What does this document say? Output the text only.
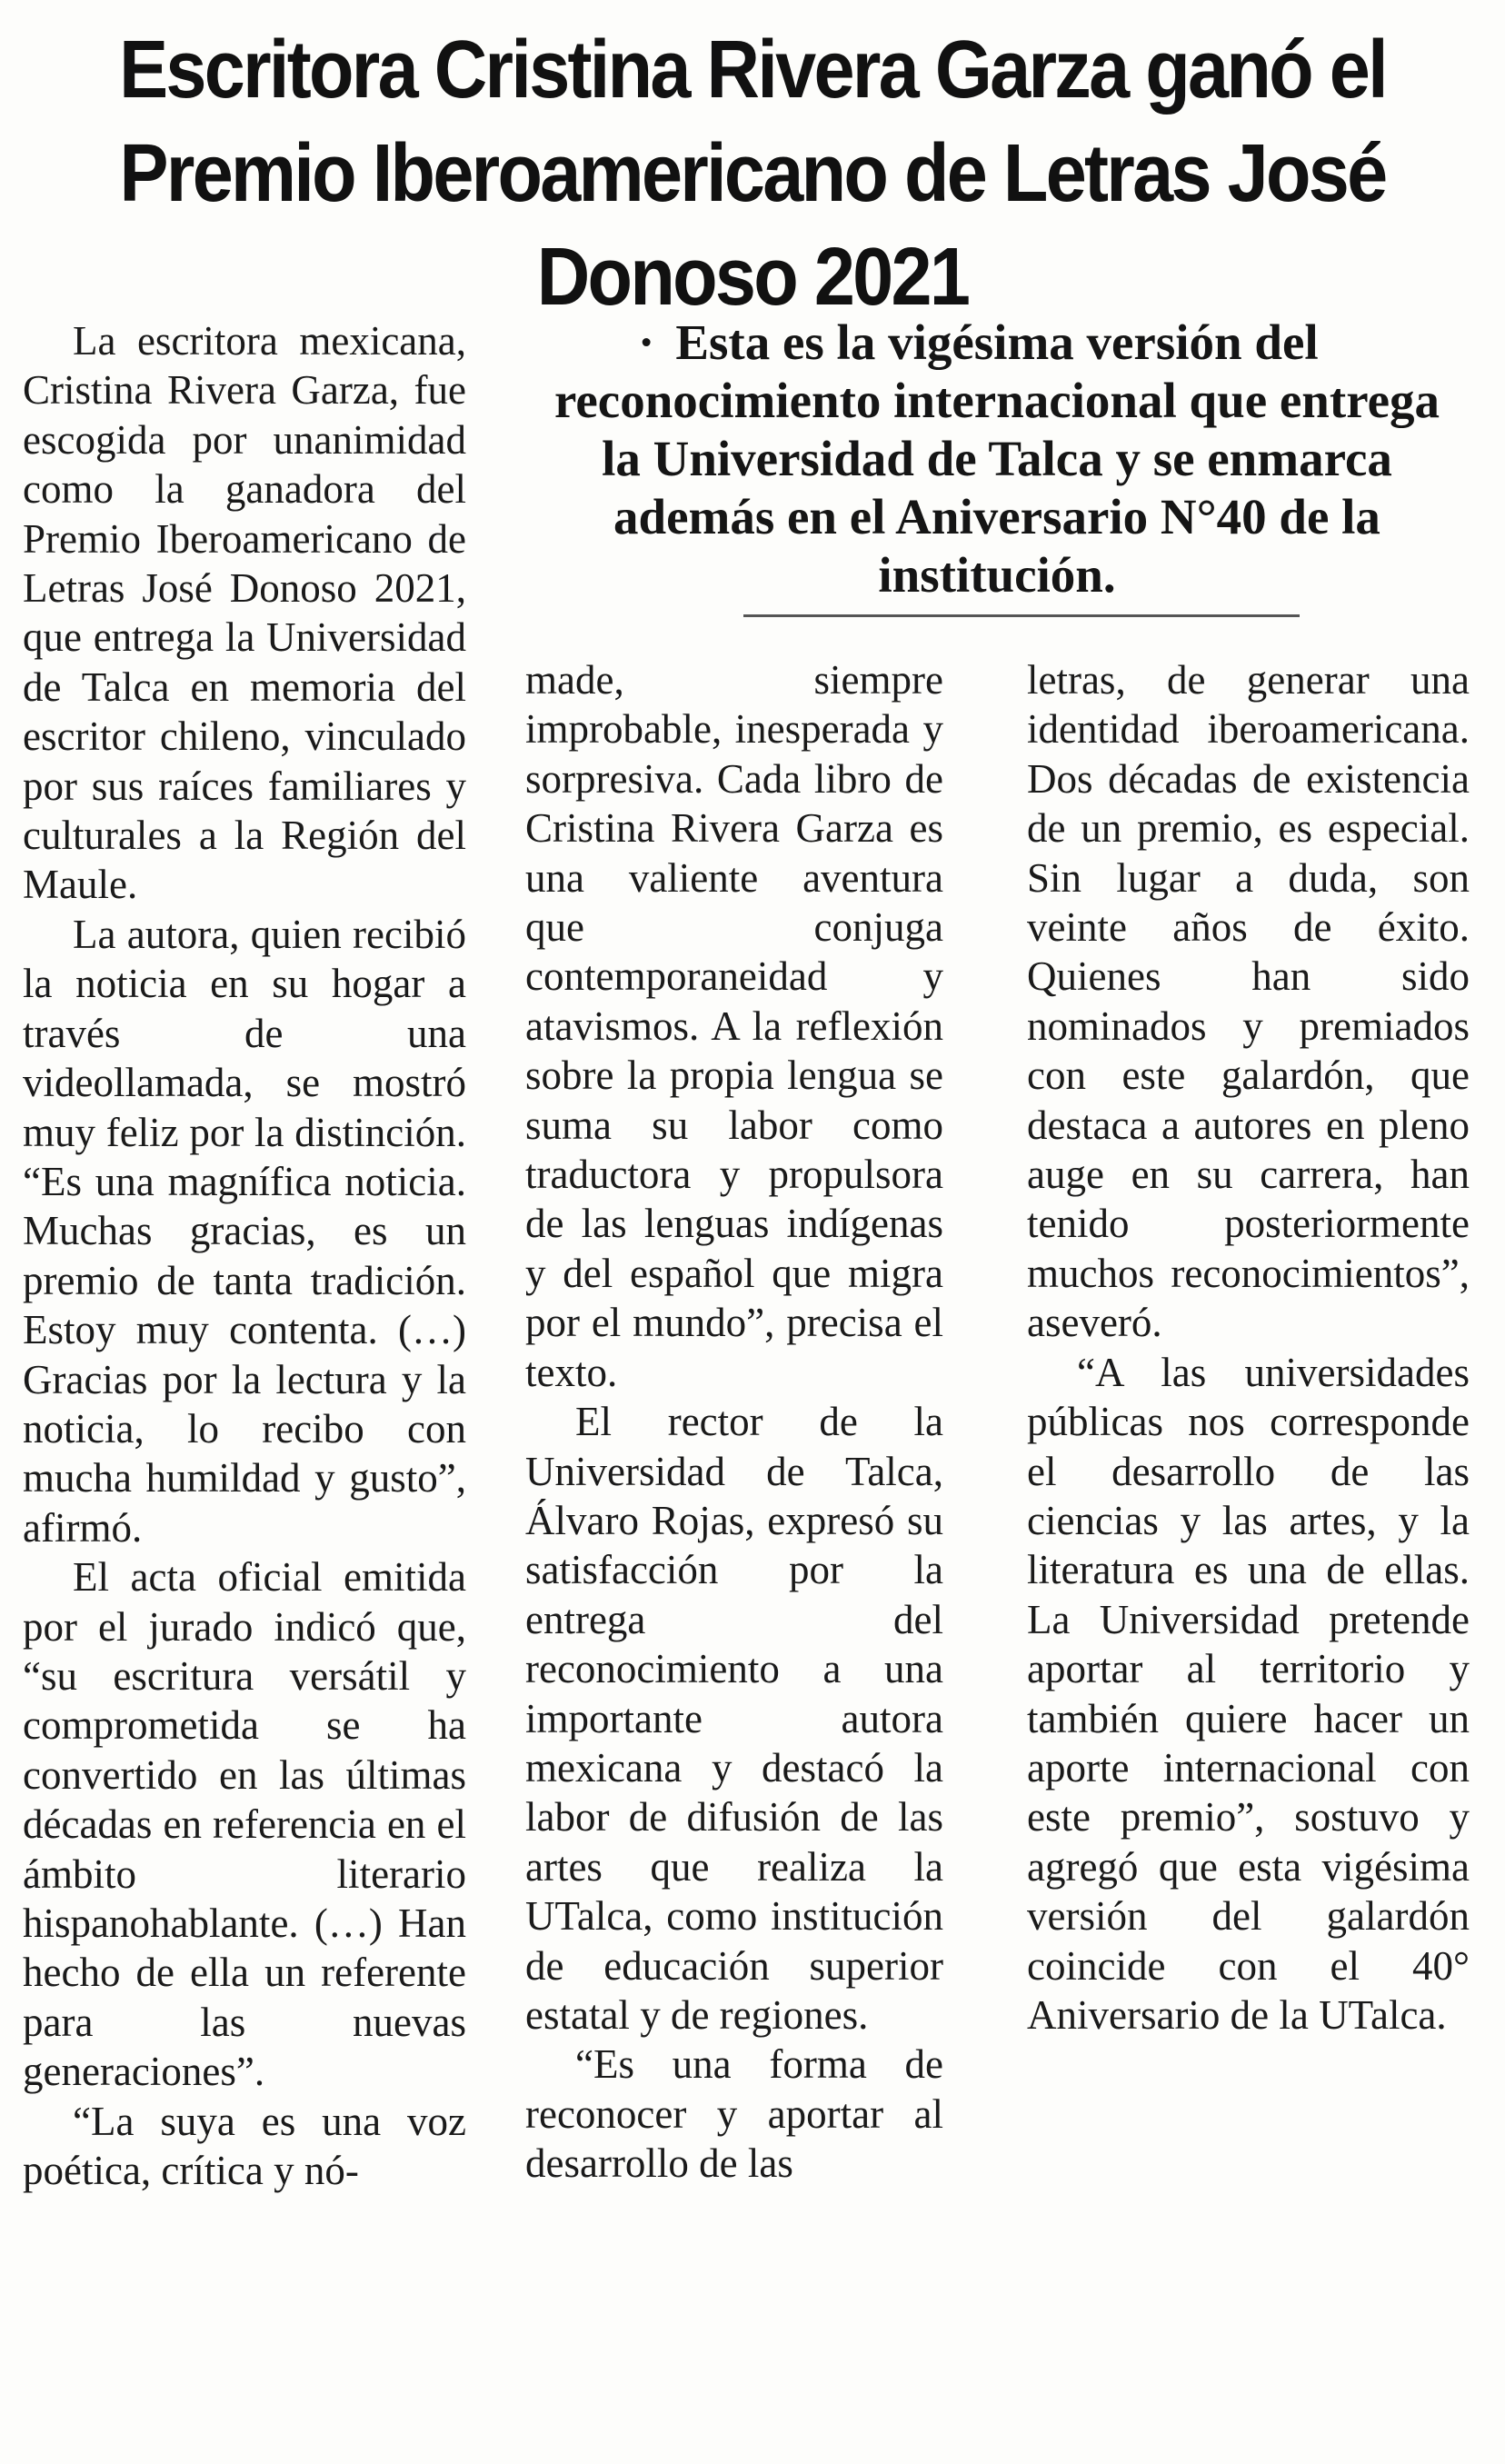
Escritora Cristina Rivera Garza ganó el Premio Iberoamericano de Letras José Donoso 2021
· Esta es la vigésima versión del reconocimiento internacional que entrega la Universidad de Talca y se enmarca además en el Aniversario N°40 de la institución.

La escritora mexicana, Cristina Rivera Garza, fue escogida por unanimidad como la ganadora del Premio Iberoamericano de Letras José Donoso 2021, que entrega la Universidad de Talca en memoria del escritor chileno, vinculado por sus raíces familiares y culturales a la Región del Maule.

La autora, quien recibió la noticia en su hogar a través de una videollamada, se mostró muy feliz por la distinción. “Es una magnífica noticia. Muchas gracias, es un premio de tanta tradición. Estoy muy contenta. (…) Gracias por la lectura y la noticia, lo recibo con mucha humildad y gusto”, afirmó.

El acta oficial emitida por el jurado indicó que, “su escritura versátil y comprometida se ha convertido en las últimas décadas en referencia en el ámbito literario hispanohablante. (…) Han hecho de ella un referente para las nuevas generaciones”.

“La suya es una voz poética, crítica y nó-

made, siempre improbable, inesperada y sorpresiva. Cada libro de Cristina Rivera Garza es una valiente aventura que conjuga contemporaneidad y atavismos. A la reflexión sobre la propia lengua se suma su labor como traductora y propulsora de las lenguas indígenas y del español que migra por el mundo”, precisa el texto.

El rector de la Universidad de Talca, Álvaro Rojas, expresó su satisfacción por la entrega del reconocimiento a una importante autora mexicana y destacó la labor de difusión de las artes que realiza la UTalca, como institución de educación superior estatal y de regiones.

“Es una forma de reconocer y aportar al desarrollo de las

letras, de generar una identidad iberoamericana. Dos décadas de existencia de un premio, es especial. Sin lugar a duda, son veinte años de éxito. Quienes han sido nominados y premiados con este galardón, que destaca a autores en pleno auge en su carrera, han tenido posteriormente muchos reconocimientos”, aseveró.

“A las universidades públicas nos corresponde el desarrollo de las ciencias y las artes, y la literatura es una de ellas. La Universidad pretende aportar al territorio y también quiere hacer un aporte internacional con este premio”, sostuvo y agregó que esta vigésima versión del galardón coincide con el 40° Aniversario de la UTalca.
